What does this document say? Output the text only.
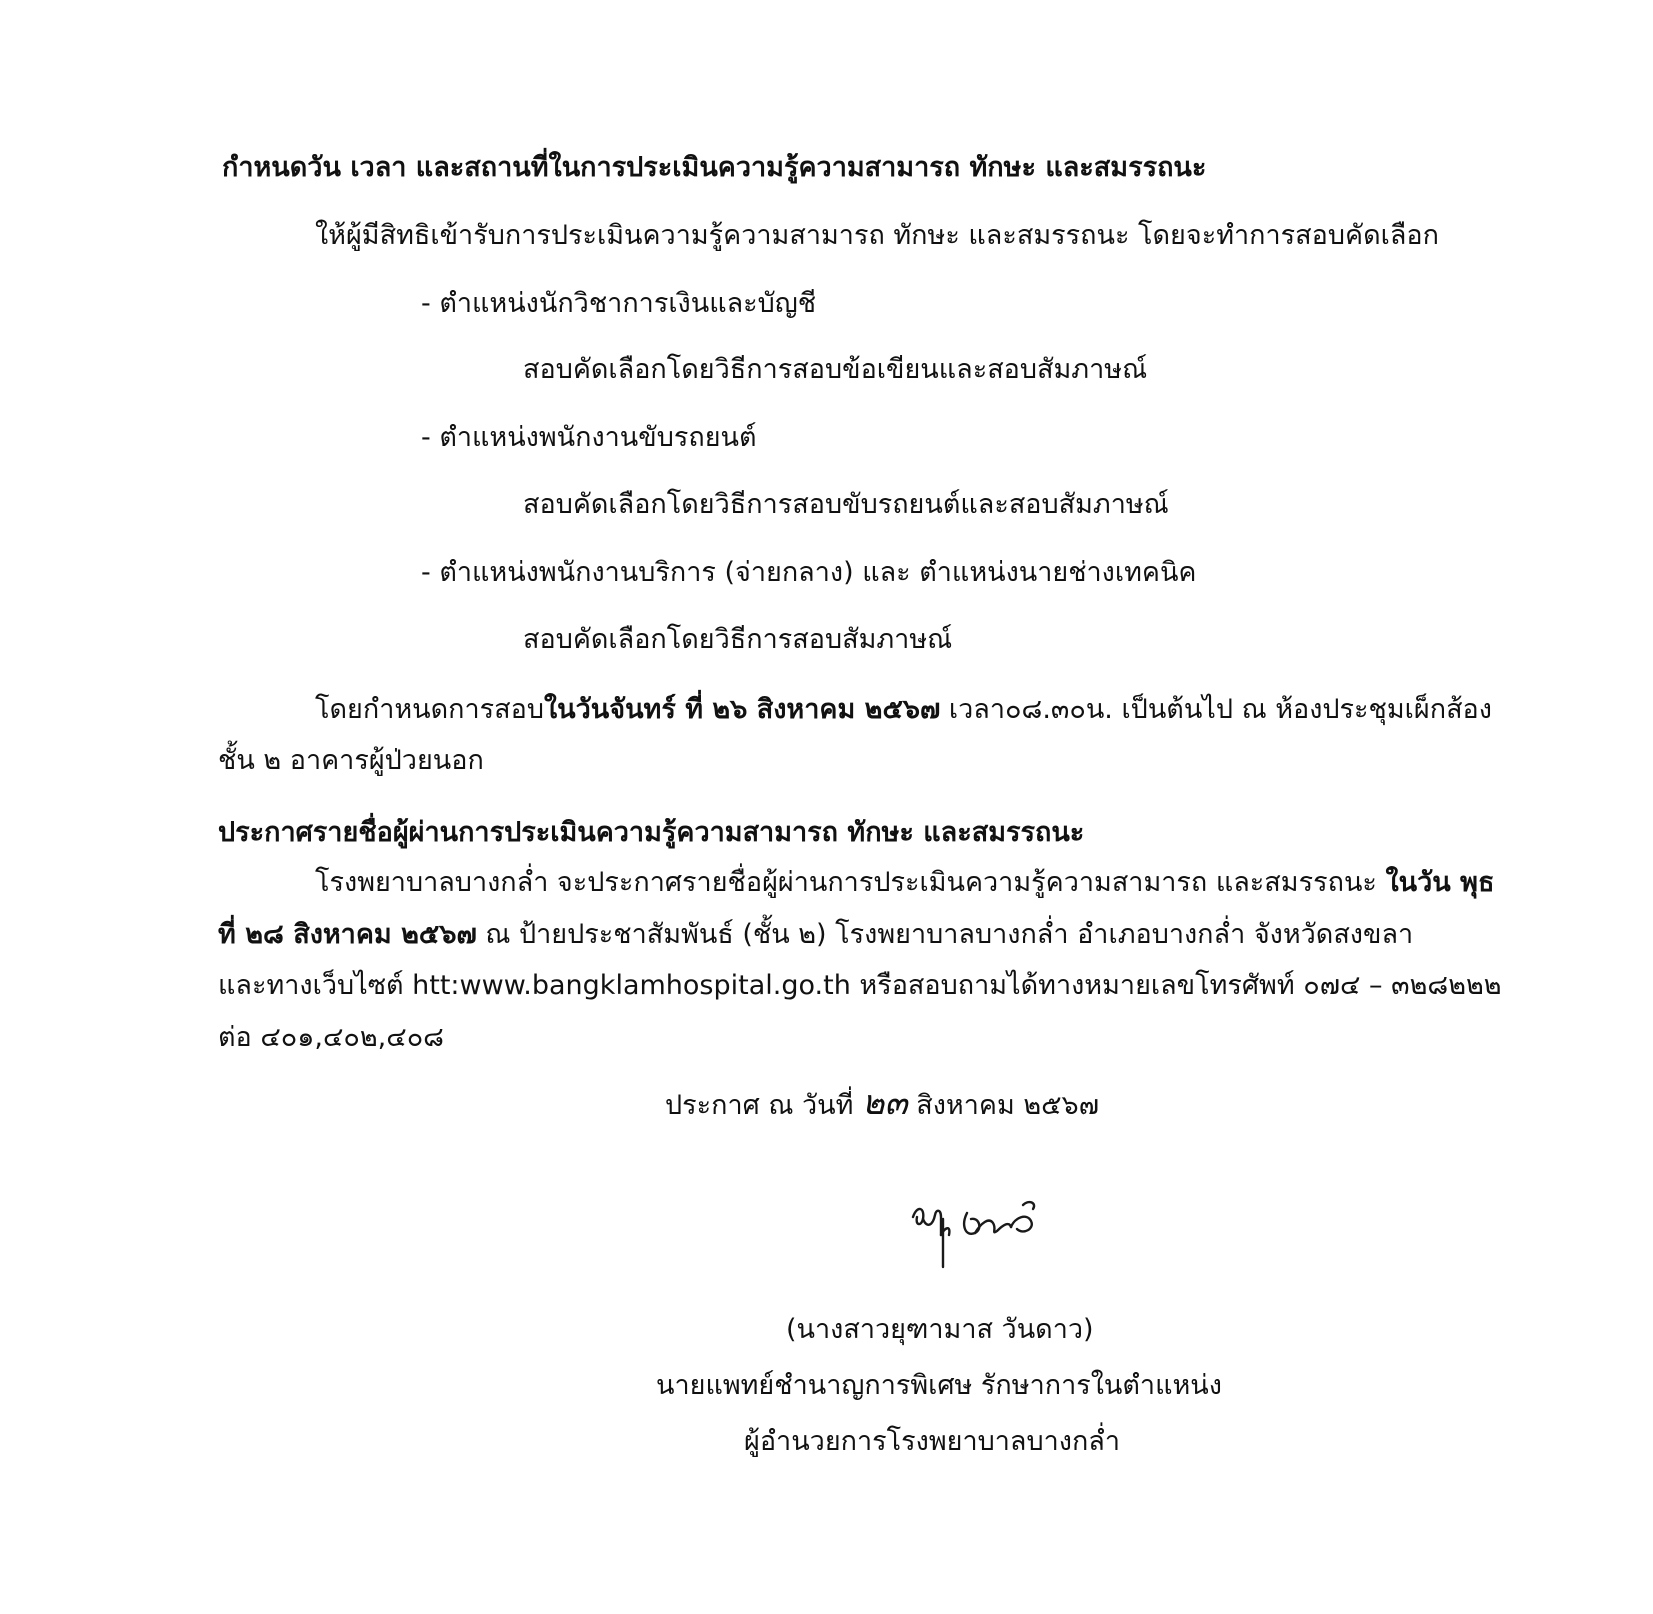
กำหนดวัน เวลา และสถานที่ในการประเมินความรู้ความสามารถ ทักษะ และสมรรถนะ
ให้ผู้มีสิทธิเข้ารับการประเมินความรู้ความสามารถ ทักษะ และสมรรถนะ โดยจะทำการสอบคัดเลือก
- ตำแหน่งนักวิชาการเงินและบัญชี
สอบคัดเลือกโดยวิธีการสอบข้อเขียนและสอบสัมภาษณ์
- ตำแหน่งพนักงานขับรถยนต์
สอบคัดเลือกโดยวิธีการสอบขับรถยนต์และสอบสัมภาษณ์
- ตำแหน่งพนักงานบริการ (จ่ายกลาง) และ ตำแหน่งนายช่างเทคนิค
สอบคัดเลือกโดยวิธีการสอบสัมภาษณ์
โดยกำหนดการสอบในวันจันทร์ ที่ ๒๖ สิงหาคม ๒๕๖๗ เวลา๐๘.๓๐น. เป็นต้นไป ณ ห้องประชุมเผ็กส้อง
ชั้น ๒ อาคารผู้ป่วยนอก
ประกาศรายชื่อผู้ผ่านการประเมินความรู้ความสามารถ ทักษะ และสมรรถนะ
โรงพยาบาลบางกล่ำ จะประกาศรายชื่อผู้ผ่านการประเมินความรู้ความสามารถ และสมรรถนะ ในวัน พุธ
ที่ ๒๘ สิงหาคม ๒๕๖๗ ณ ป้ายประชาสัมพันธ์ (ชั้น ๒) โรงพยาบาลบางกล่ำ อำเภอบางกล่ำ จังหวัดสงขลา
และทางเว็บไซต์ htt:www.bangklamhospital.go.th หรือสอบถามได้ทางหมายเลขโทรศัพท์ ๐๗๔ – ๓๒๘๒๒๒
ต่อ ๔๐๑,๔๐๒,๔๐๘
ประกาศ ณ วันที่ ๒๓ สิงหาคม ๒๕๖๗
(นางสาวยุฑามาส วันดาว)
นายแพทย์ชำนาญการพิเศษ รักษาการในตำแหน่ง
ผู้อำนวยการโรงพยาบาลบางกล่ำ
